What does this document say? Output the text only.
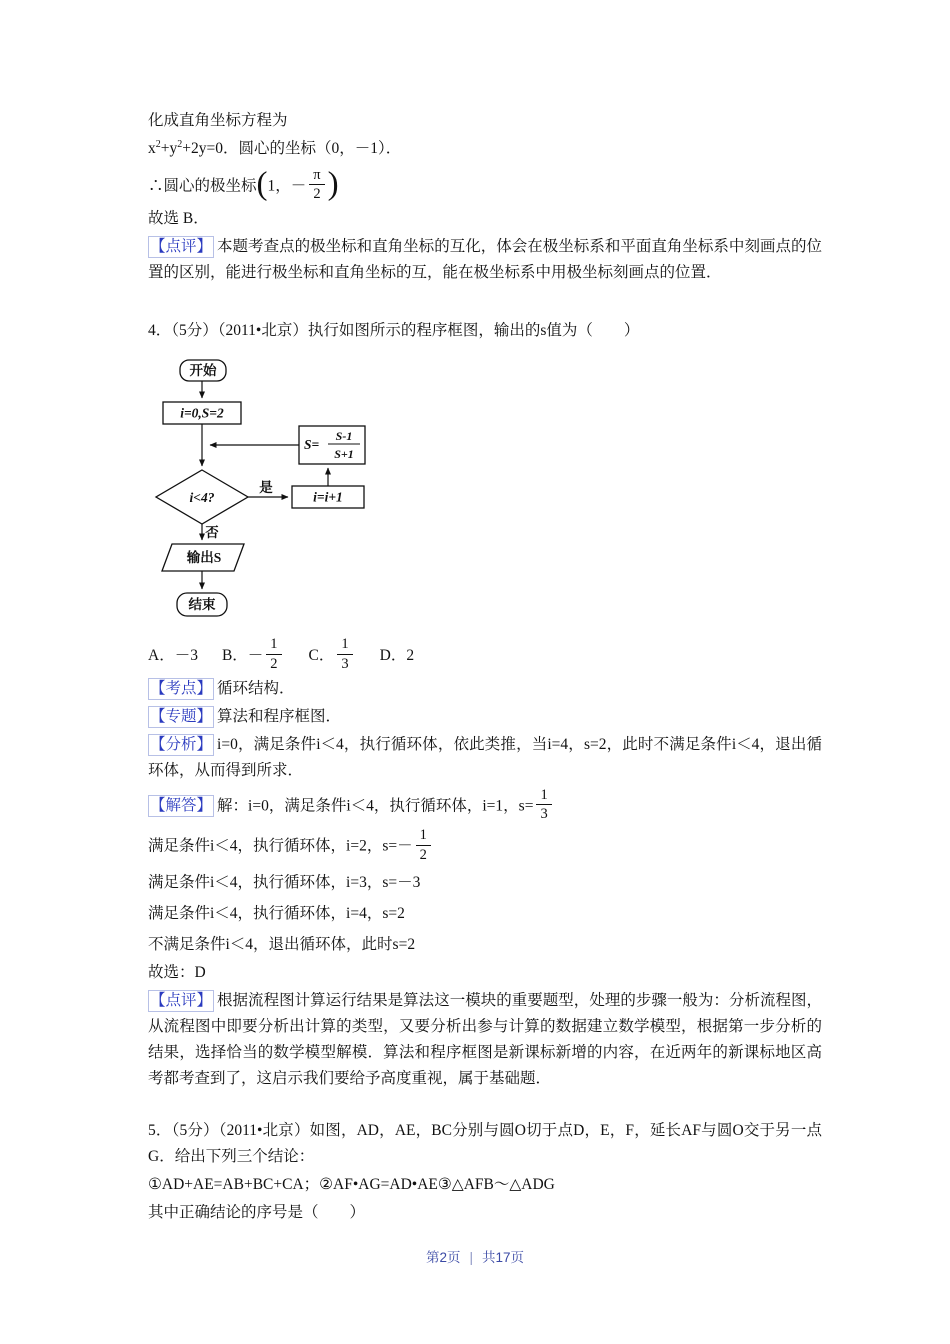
化成直角坐标方程为

$x^2+y^2+2y=0$．圆心的坐标（0，－1）．

∴圆心的极坐标(1，－ $\frac{\pi}{2}$ )

故选 B．

【点评】 本题考查点的极坐标和直角坐标的互化，体会在极坐标系和平面直角坐标系中刻画点的位置的区别，能进行极坐标和直角坐标的互，能在极坐标系中用极坐标刻画点的位置．

4．（5分）（2011•北京）执行如图所示的程序框图，输出的s值为（　　）

开始
i=0,S=2
S=
S-1
S+1
i<4?
是
否
i=i+1
输出S
结束

A．－3 B．－ $\frac{1}{2}$ C． $\frac{1}{3}$ D．2

【考点】 循环结构．

【专题】 算法和程序框图．

【分析】 i=0，满足条件i＜4，执行循环体，依此类推，当i=4，s=2，此时不满足条件i＜4，退出循环体，从而得到所求．

【解答】 解：i=0，满足条件i＜4，执行循环体，i=1，$s= \frac{1}{3}$

满足条件i＜4，执行循环体，i=2，$s=- \frac{1}{2}$

满足条件i＜4，执行循环体，i=3，s=－3

满足条件i＜4，执行循环体，i=4，s=2

不满足条件i＜4，退出循环体，此时s=2

故选：D

【点评】 根据流程图计算运行结果是算法这一模块的重要题型，处理的步骤一般为：分析流程图，从流程图中即要分析出计算的类型，又要分析出参与计算的数据建立数学模型，根据第一步分析的结果，选择恰当的数学模型解模．算法和程序框图是新课标新增的内容，在近两年的新课标地区高考都考查到了，这启示我们要给予高度重视，属于基础题．

5．（5分）（2011•北京）如图，AD，AE，BC分别与圆O切于点D，E，F，延长AF与圆O交于另一点G．给出下列三个结论：

①AD+AE=AB+BC+CA；②AF•AG=AD•AE③△AFB～△ADG

其中正确结论的序号是（　　）

第2页 | 共17页
